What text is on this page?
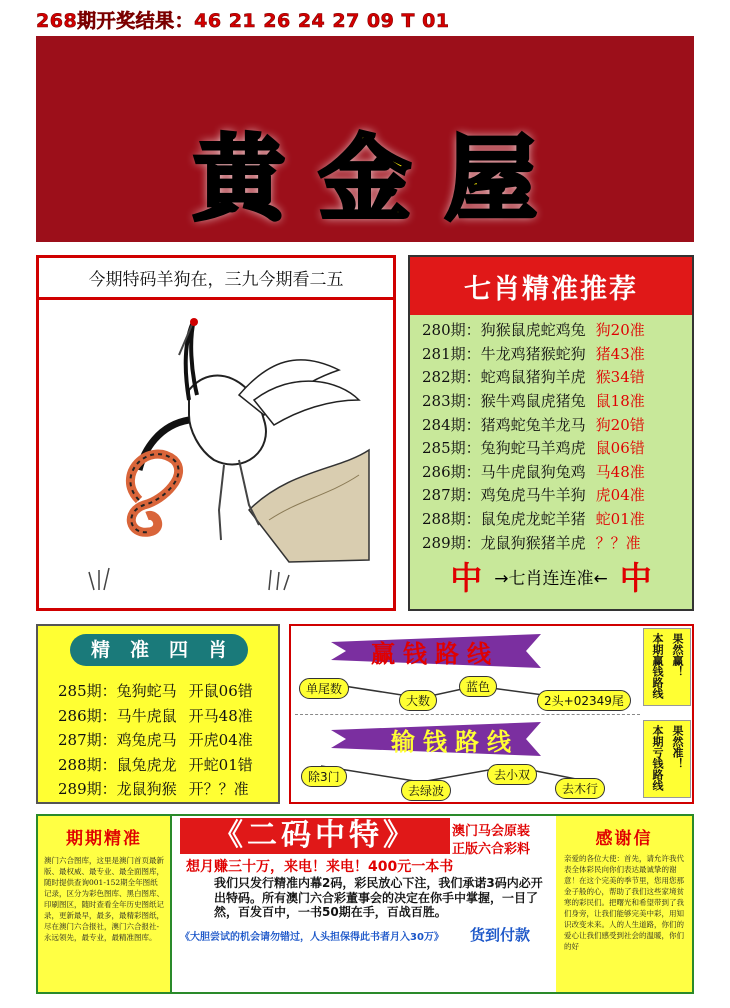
268期开奖结果：46 21 26 24 27 09 T 01
黄金屋
今期特码羊狗在，三九今期看二五	七肖精准推荐
280期： 狗猴鼠虎蛇鸡兔 狗20准
281期： 牛龙鸡猪猴蛇狗 猪43准
282期： 蛇鸡鼠猪狗羊虎 猴34错
283期： 猴牛鸡鼠虎猪兔 鼠18准
284期： 猪鸡蛇兔羊龙马 狗20错
285期： 兔狗蛇马羊鸡虎 鼠06错
286期： 马牛虎鼠狗兔鸡 马48准
287期： 鸡兔虎马牛羊狗 虎04准
288期： 鼠兔虎龙蛇羊猪 蛇01准
289期： 龙鼠狗猴猪羊虎 ？？准
中 →七肖连连准← 中
精准四肖
285期：兔狗蛇马 开鼠06错
286期：马牛虎鼠 开马48准
287期：鸡兔虎马 开虎04准
288期：鼠兔虎龙 开蛇01错
289期：龙鼠狗猴 开？？准
赢钱路线
单尾数
大数
蓝色
2头+02349尾
果然赢！
本期赢钱路线
输钱路线
除3门
去绿波
去小双
去木行
果然准！
本期亏钱路线
期期精准

澳门六合图库，这里是澳门首页最新版、最权威、最专业、最全面图库，随时提供查询001-152期全年图纸记录，区分为彩色图库、黑白图库、印刷图区，随时查看全年历史图纸记录，更新最早，最多，最精彩图纸，尽在澳门六合报社，澳门六合报社-永远领先，最专业，最精准图库。

《二码中特》	澳门马会原装
正版六合彩料
想月赚三十万，来电！来电！400元一本书
我们只发行精准内幕2码，彩民放心下注，我们承诺3码内必开出特码。所有澳门六合彩董事会的决定在你手中掌握，一目了然，百发百中，一书50期在手，百战百胜。
《大胆尝试的机会请勿错过，人头担保得此书者月入30万》 货到付款
感谢信

亲爱的各位大使：首先，请允许我代表全体彩民向你们表达最诚挚的谢意！在这个完美的季节里，您用您那金子般的心，帮助了我们这些家境贫寒的彩民们。把曙光和希望带到了我们身旁，让我们能够完美中彩，用知识改变未来。人的人生道路，你们的爱心让我们感受到社会的温暖，你们的好
